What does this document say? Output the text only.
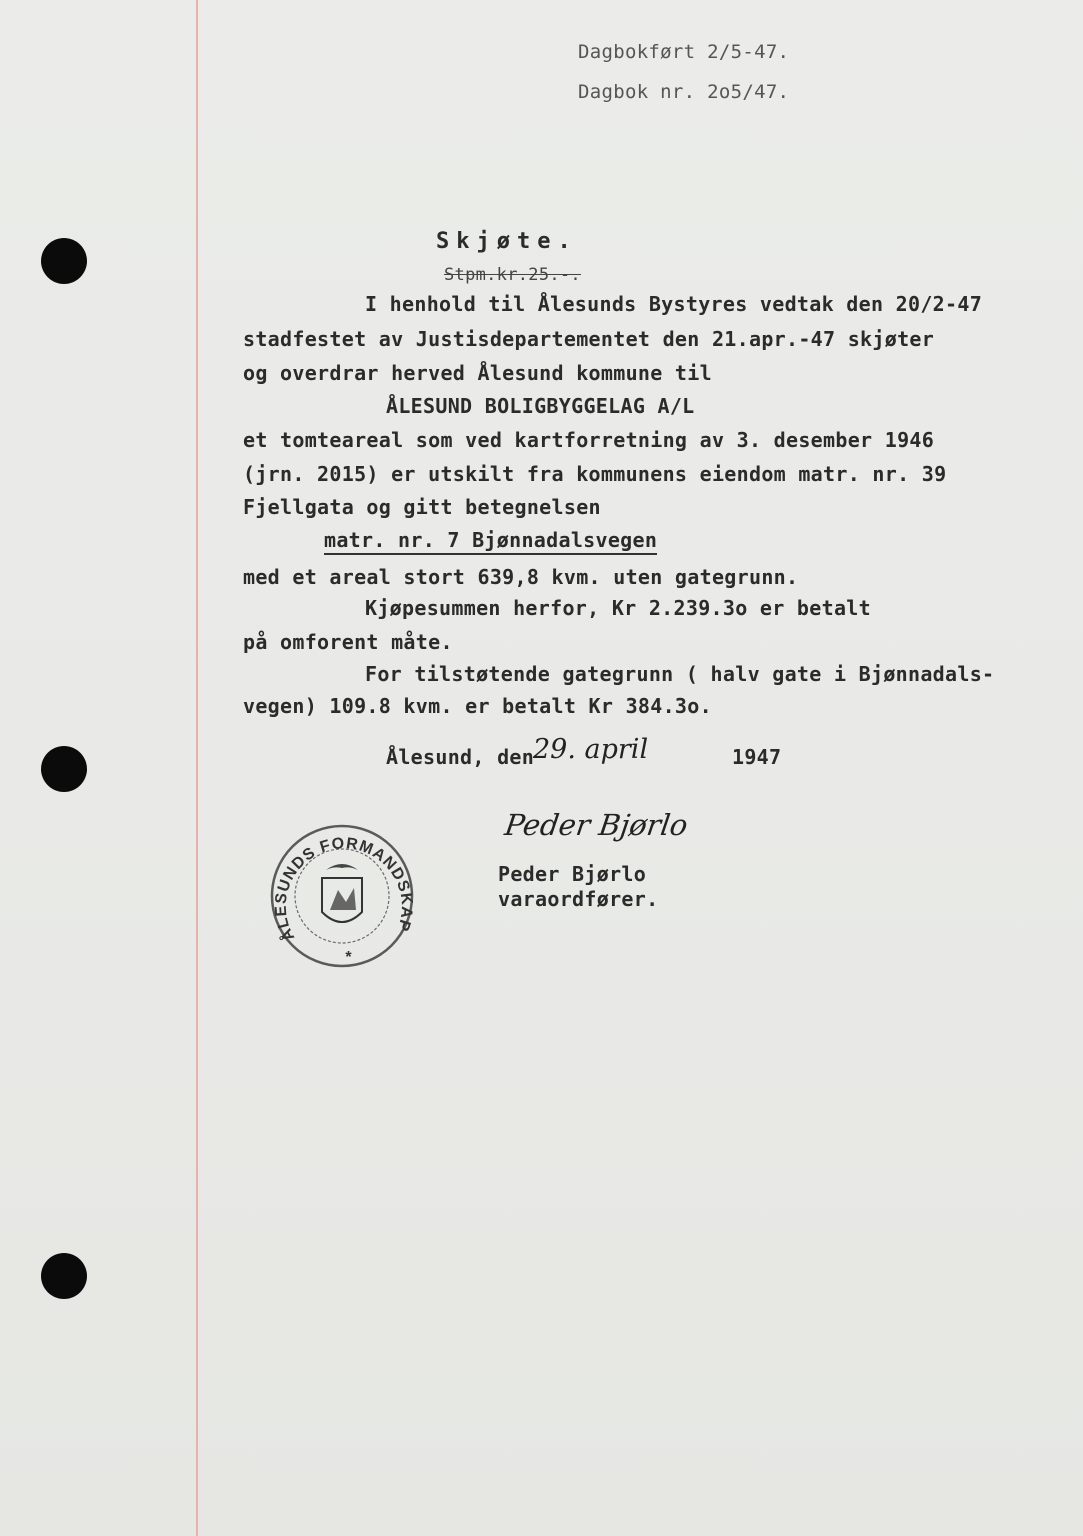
Dagbokført 2/5-47.
Dagbok nr. 2o5/47.
Skjøte.
Stpm.kr.25.-.
I henhold til Ålesunds Bystyres vedtak den 20/2-47
stadfestet av Justisdepartementet den 21.apr.-47 skjøter
og overdrar herved Ålesund kommune til
ÅLESUND BOLIGBYGGELAG A/L
et tomteareal som ved kartforretning av 3. desember 1946
(jrn. 2015) er utskilt fra kommunens eiendom matr. nr. 39
Fjellgata og gitt betegnelsen
matr. nr. 7 Bjønnadalsvegen
med et areal stort 639,8 kvm. uten gategrunn.
Kjøpesummen herfor, Kr 2.239.3o er betalt
på omforent måte.
For tilstøtende gategrunn ( halv gate i Bjønnadals-
vegen) 109.8 kvm. er betalt Kr 384.3o.
Ålesund, den
29. april	1947
Peder Bjørlo
Peder Bjørlo
varaordfører.
ÅLESUNDS FORMANDSKAP
*
